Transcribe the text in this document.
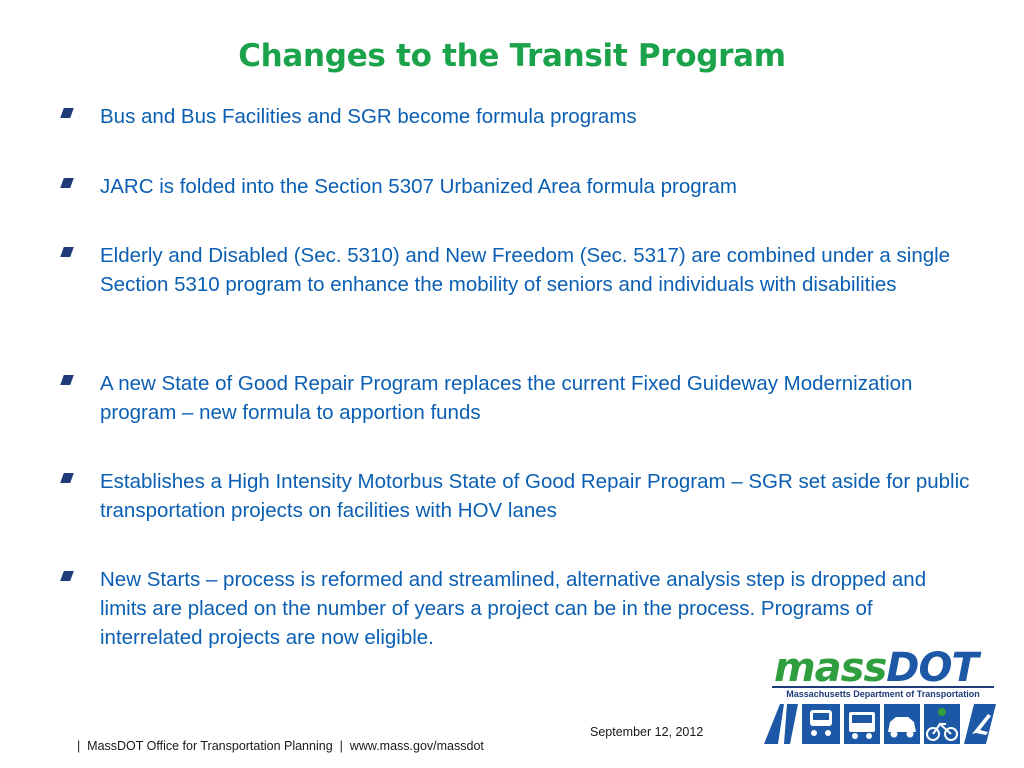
Changes to the Transit Program
Bus and Bus Facilities and SGR become formula programs
JARC is folded into the Section 5307 Urbanized Area formula program
Elderly and Disabled (Sec. 5310) and New Freedom (Sec. 5317) are combined under a single Section 5310 program to enhance the mobility of seniors and individuals with disabilities
A new State of Good Repair Program replaces the current Fixed Guideway Modernization program – new formula to apportion funds
Establishes a High Intensity Motorbus State of Good Repair Program – SGR set aside for public transportation projects on facilities with HOV lanes
New Starts – process is reformed and streamlined, alternative analysis step is dropped and limits are placed on the number of years a project can be in the process. Programs of interrelated projects are now eligible.

| MassDOT Office for Transportation Planning | www.mass.gov/massdot

September 12, 2012

massDOT
Massachusetts Department of Transportation
